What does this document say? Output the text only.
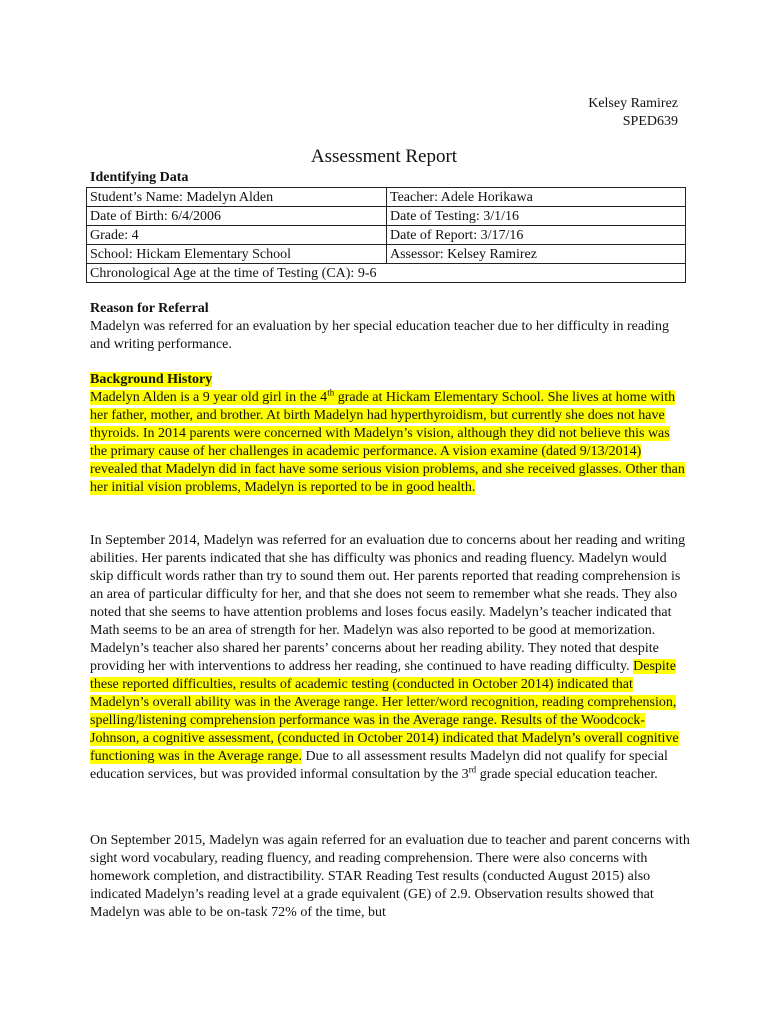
Kelsey Ramirez
SPED639
Assessment Report
Identifying Data
Student’s Name: Madelyn Alden	Teacher: Adele Horikawa
Date of Birth: 6/4/2006	Date of Testing: 3/1/16
Grade: 4	Date of Report: 3/17/16
School: Hickam Elementary School	Assessor: Kelsey Ramirez
Chronological Age at the time of Testing (CA): 9-6	
Reason for Referral
Madelyn was referred for an evaluation by her special education teacher due to her difficulty in reading and writing performance.
Background History
Madelyn Alden is a 9 year old girl in the 4th grade at Hickam Elementary School. She lives at home with her father, mother, and brother. At birth Madelyn had hyperthyroidism, but currently she does not have thyroids. In 2014 parents were concerned with Madelyn’s vision, although they did not believe this was the primary cause of her challenges in academic performance. A vision examine (dated 9/13/2014) revealed that Madelyn did in fact have some serious vision problems, and she received glasses. Other than her initial vision problems, Madelyn is reported to be in good health.
In September 2014, Madelyn was referred for an evaluation due to concerns about her reading and writing abilities. Her parents indicated that she has difficulty was phonics and reading fluency. Madelyn would skip difficult words rather than try to sound them out. Her parents reported that reading comprehension is an area of particular difficulty for her, and that she does not seem to remember what she reads. They also noted that she seems to have attention problems and loses focus easily. Madelyn’s teacher indicated that Math seems to be an area of strength for her. Madelyn was also reported to be good at memorization. Madelyn’s teacher also shared her parents’ concerns about her reading ability. They noted that despite providing her with interventions to address her reading, she continued to have reading difficulty. Despite these reported difficulties, results of academic testing (conducted in October 2014) indicated that Madelyn’s overall ability was in the Average range. Her letter/word recognition, reading comprehension, spelling/listening comprehension performance was in the Average range. Results of the Woodcock-Johnson, a cognitive assessment, (conducted in October 2014) indicated that Madelyn’s overall cognitive functioning was in the Average range. Due to all assessment results Madelyn did not qualify for special education services, but was provided informal consultation by the 3rd grade special education teacher.
On September 2015, Madelyn was again referred for an evaluation due to teacher and parent concerns with sight word vocabulary, reading fluency, and reading comprehension. There were also concerns with homework completion, and distractibility. STAR Reading Test results (conducted August 2015) also indicated Madelyn’s reading level at a grade equivalent (GE) of 2.9. Observation results showed that Madelyn was able to be on-task 72% of the time, but
